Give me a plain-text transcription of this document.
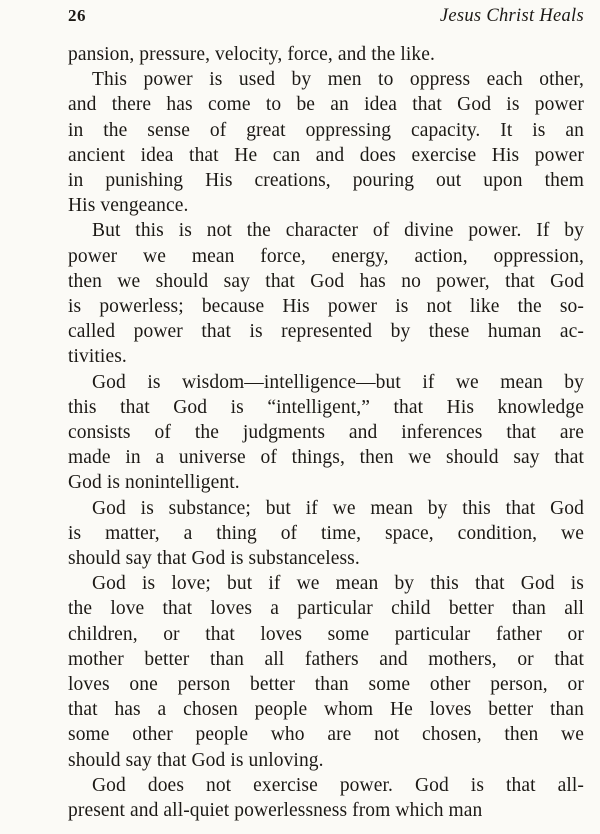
26	Jesus Christ Heals
pansion, pressure, velocity, force, and the like.
This power is used by men to oppress each other,
and there has come to be an idea that God is power
in the sense of great oppressing capacity. It is an
ancient idea that He can and does exercise His power
in punishing His creations, pouring out upon them
His vengeance.
But this is not the character of divine power. If by
power we mean force, energy, action, oppression,
then we should say that God has no power, that God
is powerless; because His power is not like the so-
called power that is represented by these human ac-
tivities.
God is wisdom—intelligence—but if we mean by
this that God is “intelligent,” that His knowledge
consists of the judgments and inferences that are
made in a universe of things, then we should say that
God is nonintelligent.
God is substance; but if we mean by this that God
is matter, a thing of time, space, condition, we
should say that God is substanceless.
God is love; but if we mean by this that God is
the love that loves a particular child better than all
children, or that loves some particular father or
mother better than all fathers and mothers, or that
loves one person better than some other person, or
that has a chosen people whom He loves better than
some other people who are not chosen, then we
should say that God is unloving.
God does not exercise power. God is that all-
present and all-quiet powerlessness from which man
